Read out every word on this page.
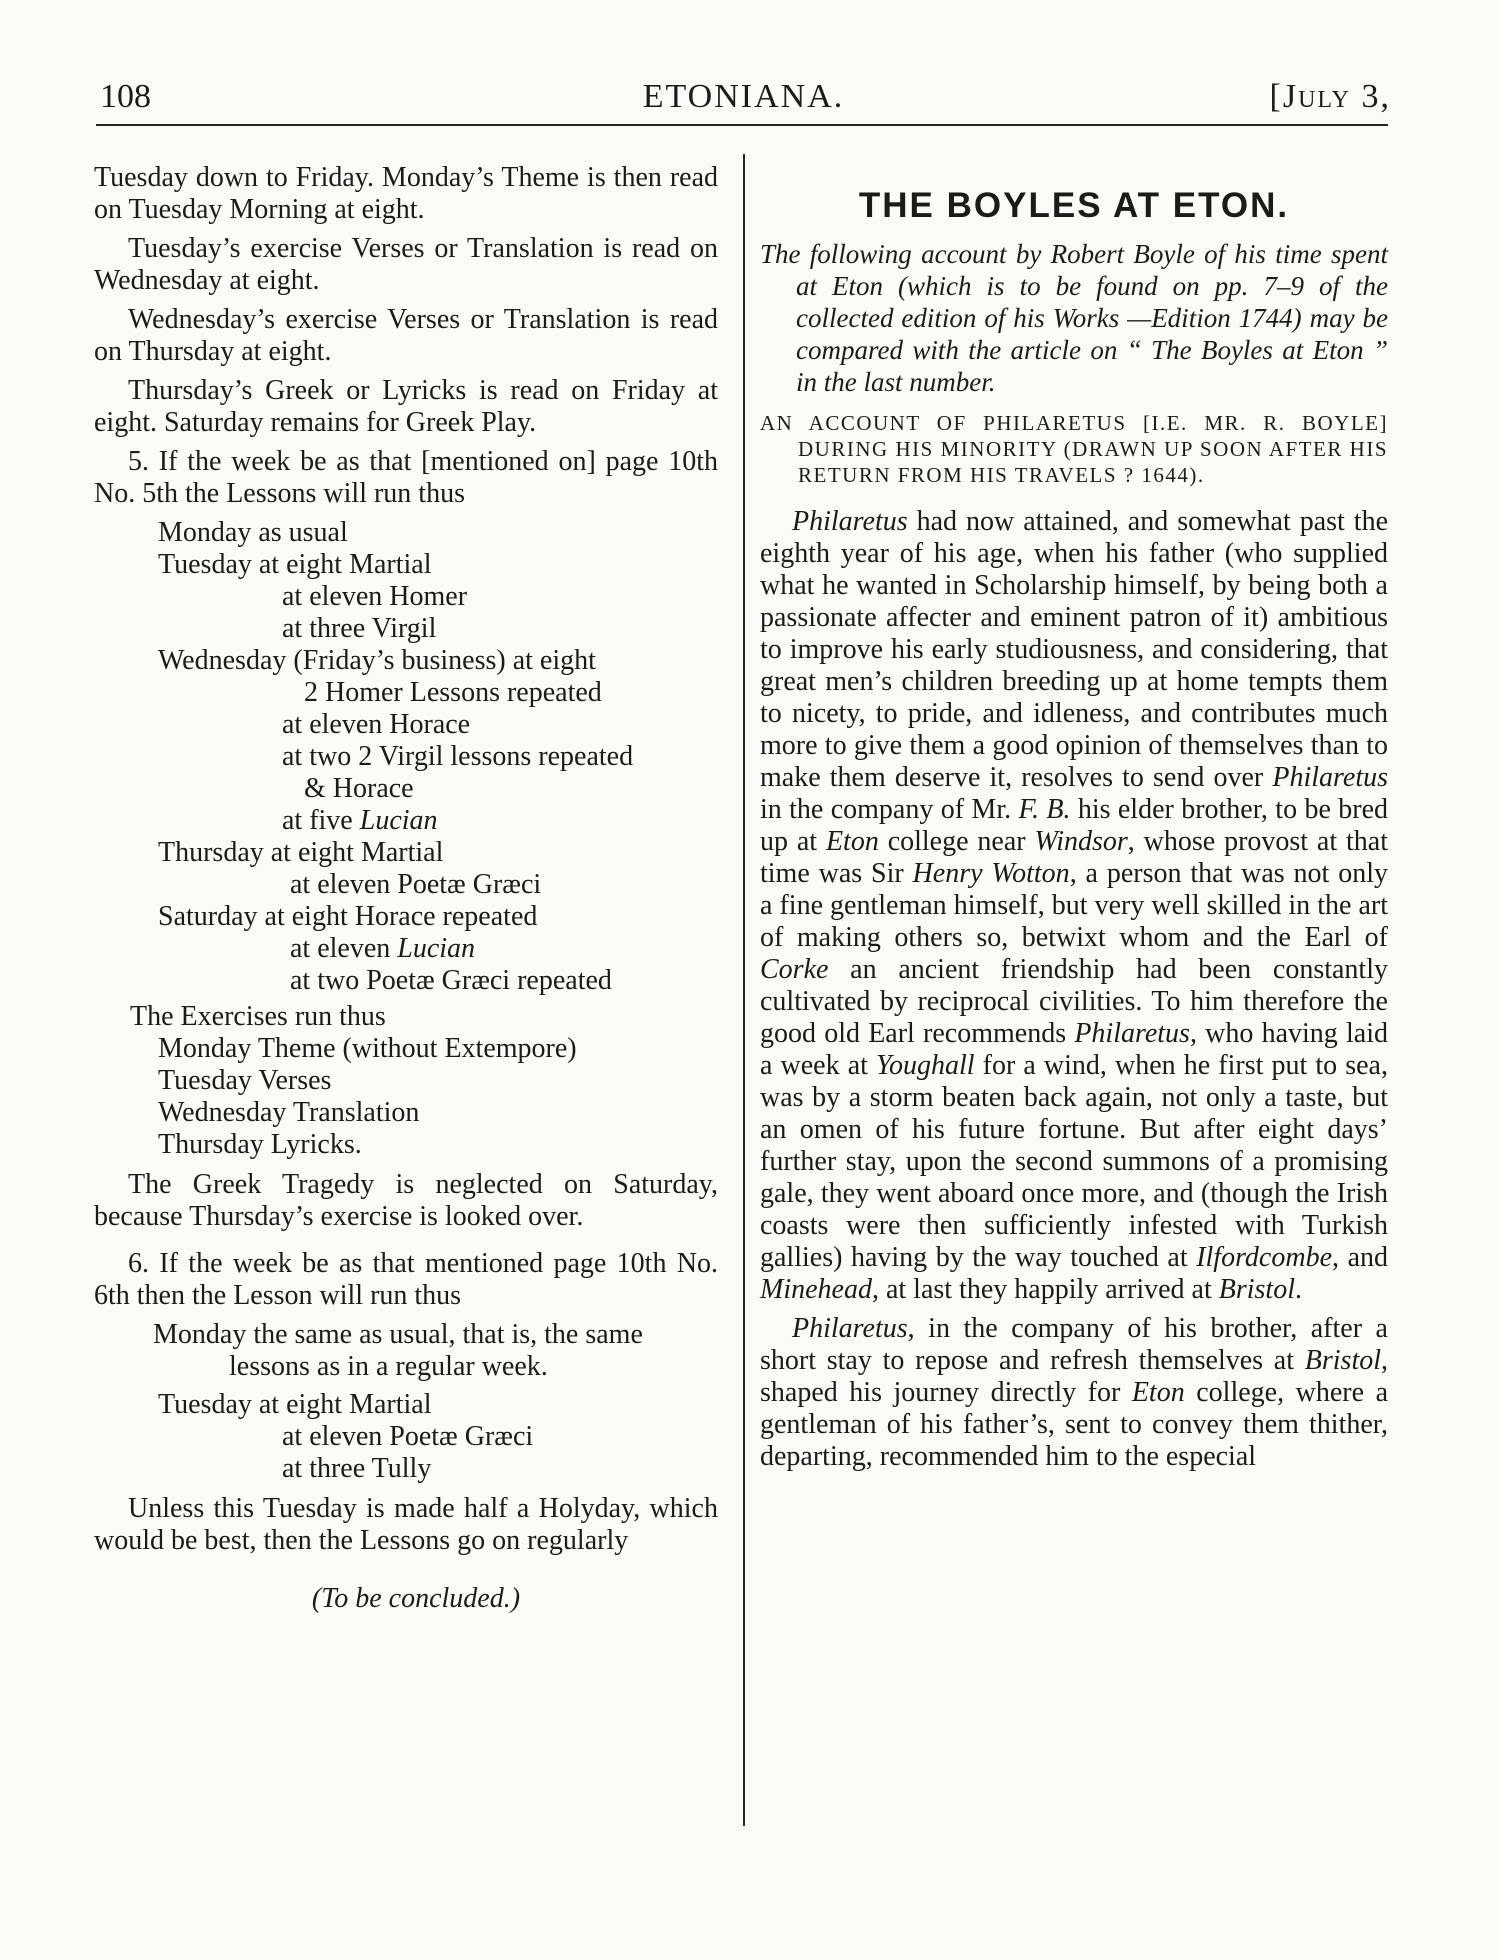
108	ETONIANA.	[July 3,

Tuesday down to Friday. Monday’s Theme is then read on Tuesday Morning at eight.

Tuesday’s exercise Verses or Translation is read on Wednesday at eight.

Wednesday’s exercise Verses or Translation is read on Thursday at eight.

Thursday’s Greek or Lyricks is read on Friday at eight. Saturday remains for Greek Play.

5. If the week be as that [mentioned on] page 10th No. 5th the Lessons will run thus

Monday as usual

Tuesday at eight Martial

at eleven Homer

at three Virgil

Wednesday (Friday’s business) at eight

2 Homer Lessons repeated

at eleven Horace

at two 2 Virgil lessons repeated

& Horace

at five Lucian

Thursday at eight Martial

at eleven Poetæ Græci

Saturday at eight Horace repeated

at eleven Lucian

at two Poetæ Græci repeated

The Exercises run thus

Monday Theme (without Extempore)

Tuesday Verses

Wednesday Translation

Thursday Lyricks.

The Greek Tragedy is neglected on Saturday, because Thursday’s exercise is looked over.

6. If the week be as that mentioned page 10th No. 6th then the Lesson will run thus

Monday the same as usual, that is, the same lessons as in a regular week.

Tuesday at eight Martial

at eleven Poetæ Græci

at three Tully

Unless this Tuesday is made half a Holyday, which would be best, then the Lessons go on regularly

(To be concluded.)

THE BOYLES AT ETON.

The following account by Robert Boyle of his time spent at Eton (which is to be found on pp. 7–9 of the collected edition of his Works —Edition 1744) may be compared with the article on “ The Boyles at Eton ” in the last number.

AN ACCOUNT OF PHILARETUS [I.E. MR. R. BOYLE] DURING HIS MINORITY (DRAWN UP SOON AFTER HIS RETURN FROM HIS TRAVELS ? 1644).

Philaretus had now attained, and somewhat past the eighth year of his age, when his father (who supplied what he wanted in Scholarship himself, by being both a passionate affecter and eminent patron of it) ambitious to improve his early studiousness, and considering, that great men’s children breeding up at home tempts them to nicety, to pride, and idleness, and contributes much more to give them a good opinion of themselves than to make them deserve it, resolves to send over Philaretus in the company of Mr. F. B. his elder brother, to be bred up at Eton college near Windsor, whose provost at that time was Sir Henry Wotton, a person that was not only a fine gentleman himself, but very well skilled in the art of making others so, betwixt whom and the Earl of Corke an ancient friendship had been constantly cultivated by reciprocal civilities. To him therefore the good old Earl recommends Philaretus, who having laid a week at Youghall for a wind, when he first put to sea, was by a storm beaten back again, not only a taste, but an omen of his future fortune. But after eight days’ further stay, upon the second summons of a promising gale, they went aboard once more, and (though the Irish coasts were then sufficiently infested with Turkish gallies) having by the way touched at Ilfordcombe, and Minehead, at last they happily arrived at Bristol.

Philaretus, in the company of his brother, after a short stay to repose and refresh themselves at Bristol, shaped his journey directly for Eton college, where a gentleman of his father’s, sent to convey them thither, departing, recommended him to the especial
